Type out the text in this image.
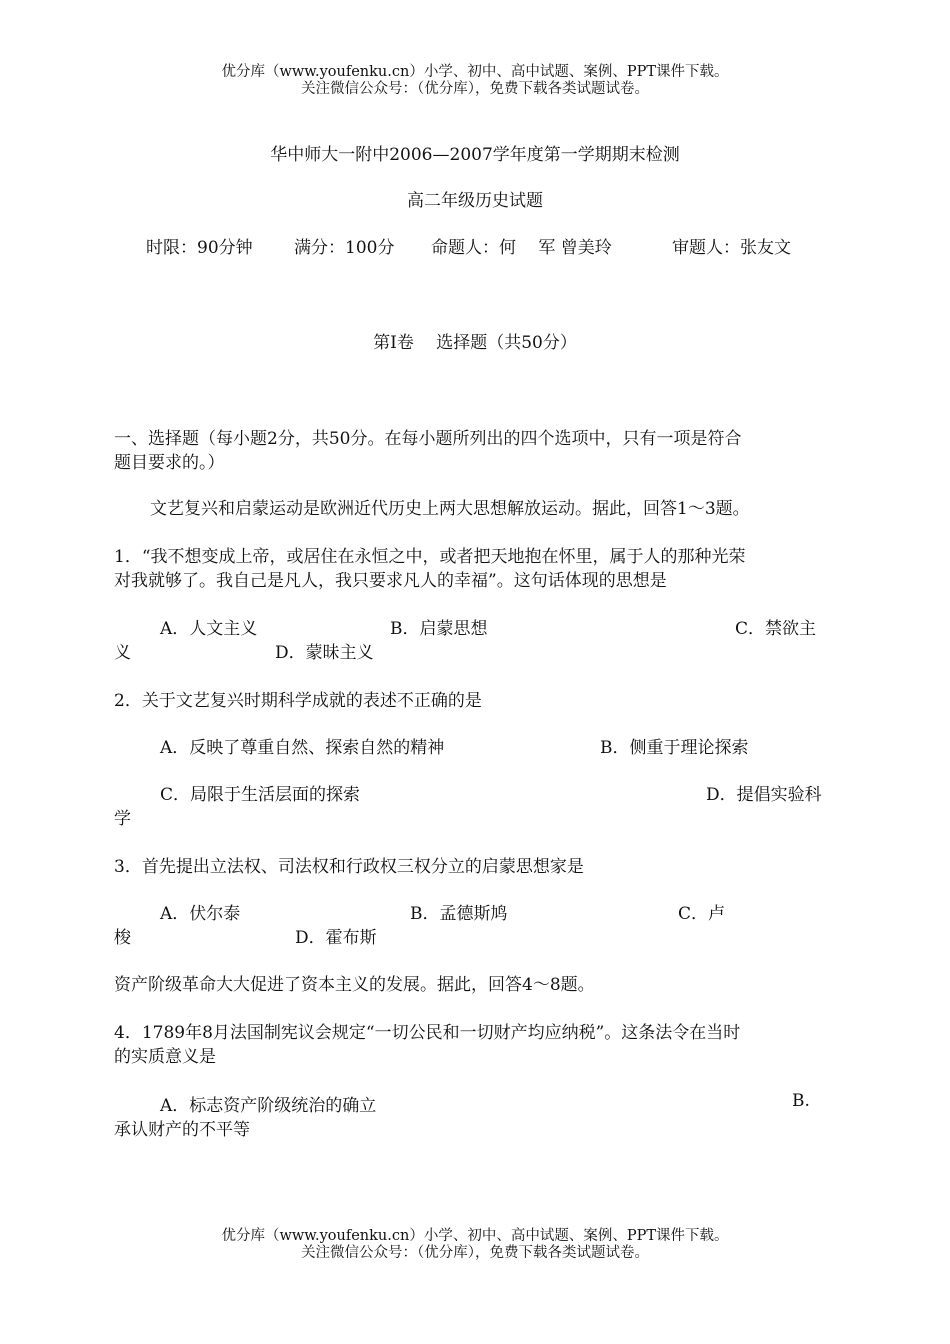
优分库（www.youfenku.cn）小学、初中、高中试题、案例、PPT课件下载。
关注微信公众号：（优分库），免费下载各类试题试卷。
华中师大一附中2006—2007学年度第一学期期末检测
高二年级历史试题
时限：90分钟 满分：100分 命题人：何　 军 曾美玲	审题人：张友文
第Ⅰ卷　 选择题（共50分）
一、选择题（每小题2分，共50分。在每小题所列出的四个选项中，只有一项是符合
题目要求的。）
文艺复兴和启蒙运动是欧洲近代历史上两大思想解放运动。据此，回答1～3题。
1．“我不想变成上帝，或居住在永恒之中，或者把天地抱在怀里，属于人的那种光荣
对我就够了。我自己是凡人，我只要求凡人的幸福”。这句话体现的思想是
A．人文主义	B．启蒙思想	C．禁欲主
义	D．蒙昧主义
2．关于文艺复兴时期科学成就的表述不正确的是
A．反映了尊重自然、探索自然的精神	B．侧重于理论探索
C．局限于生活层面的探索	D．提倡实验科
学
3．首先提出立法权、司法权和行政权三权分立的启蒙思想家是
A．伏尔泰	B．孟德斯鸠	C．卢
梭	D．霍布斯
资产阶级革命大大促进了资本主义的发展。据此，回答4～8题。
4．1789年8月法国制宪议会规定“一切公民和一切财产均应纳税”。这条法令在当时
的实质意义是
A．标志资产阶级统治的确立	B.
承认财产的不平等
优分库（www.youfenku.cn）小学、初中、高中试题、案例、PPT课件下载。
关注微信公众号：（优分库），免费下载各类试题试卷。
